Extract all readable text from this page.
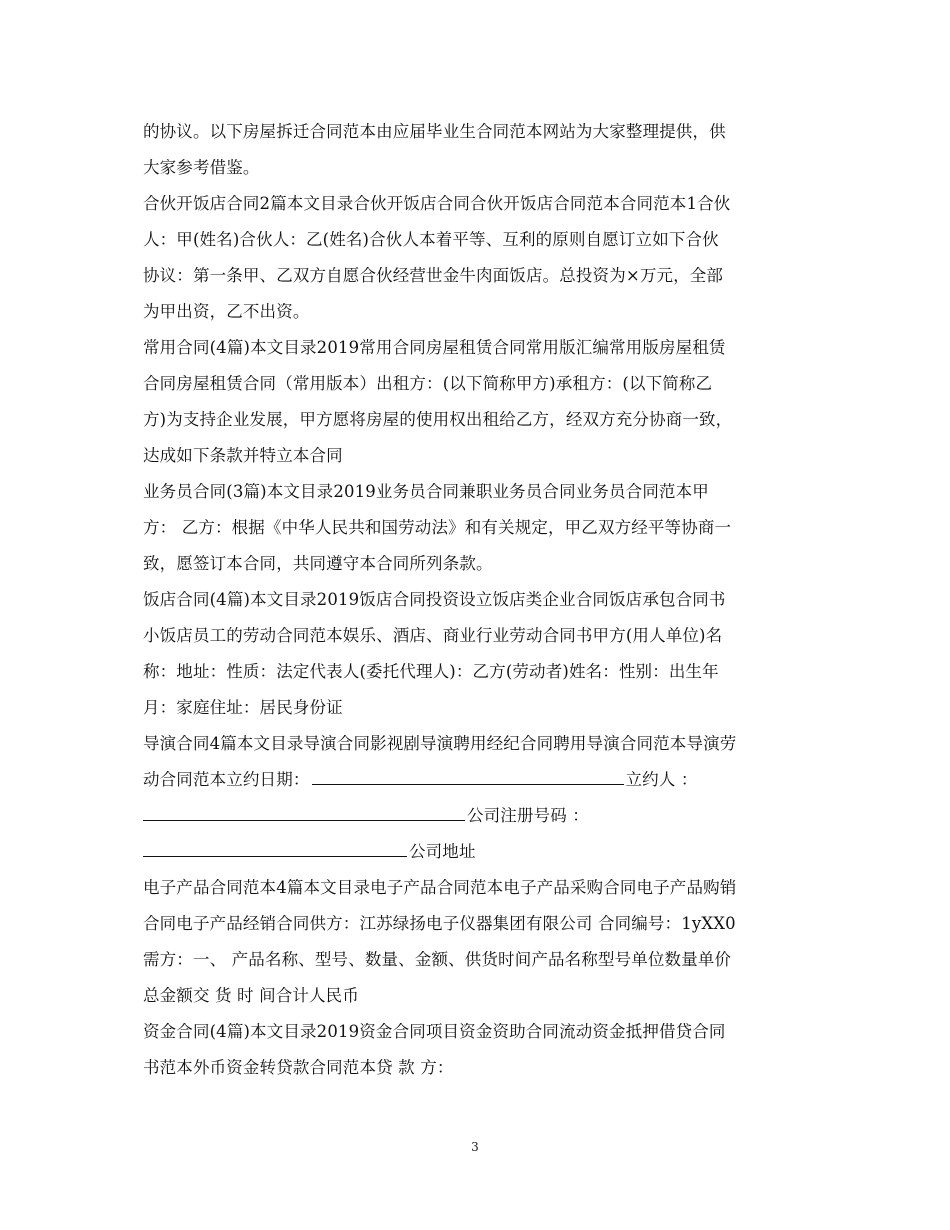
的协议。以下房屋拆迁合同范本由应届毕业生合同范本网站为大家整理提供，供
大家参考借鉴。
合伙开饭店合同2篇本文目录合伙开饭店合同合伙开饭店合同范本合同范本1合伙
人：甲(姓名)合伙人：乙(姓名)合伙人本着平等、互利的原则自愿订立如下合伙
协议：第一条甲、乙双方自愿合伙经营世金牛肉面饭店。总投资为×万元，全部
为甲出资，乙不出资。
常用合同(4篇)本文目录2019常用合同房屋租赁合同常用版汇编常用版房屋租赁
合同房屋租赁合同（常用版本）出租方：(以下简称甲方)承租方：(以下简称乙
方)为支持企业发展，甲方愿将房屋的使用权出租给乙方，经双方充分协商一致，
达成如下条款并特立本合同
业务员合同(3篇)本文目录2019业务员合同兼职业务员合同业务员合同范本甲
方： 乙方：根据《中华人民共和国劳动法》和有关规定，甲乙双方经平等协商一
致，愿签订本合同，共同遵守本合同所列条款。
饭店合同(4篇)本文目录2019饭店合同投资设立饭店类企业合同饭店承包合同书
小饭店员工的劳动合同范本娱乐、酒店、商业行业劳动合同书甲方(用人单位)名
称：地址：性质：法定代表人(委托代理人)：乙方(劳动者)姓名：性别：出生年
月：家庭住址：居民身份证
导演合同4篇本文目录导演合同影视剧导演聘用经纪合同聘用导演合同范本导演劳
动合同范本立约日期：	立约人 ：
公司注册号码 ：
公司地址
电子产品合同范本4篇本文目录电子产品合同范本电子产品采购合同电子产品购销
合同电子产品经销合同供方：江苏绿扬电子仪器集团有限公司 合同编号：1yXX0
需方：一、 产品名称、型号、数量、金额、供货时间产品名称型号单位数量单价
总金额交 货 时 间合计人民币
资金合同(4篇)本文目录2019资金合同项目资金资助合同流动资金抵押借贷合同
书范本外币资金转贷款合同范本贷 款 方：
3
